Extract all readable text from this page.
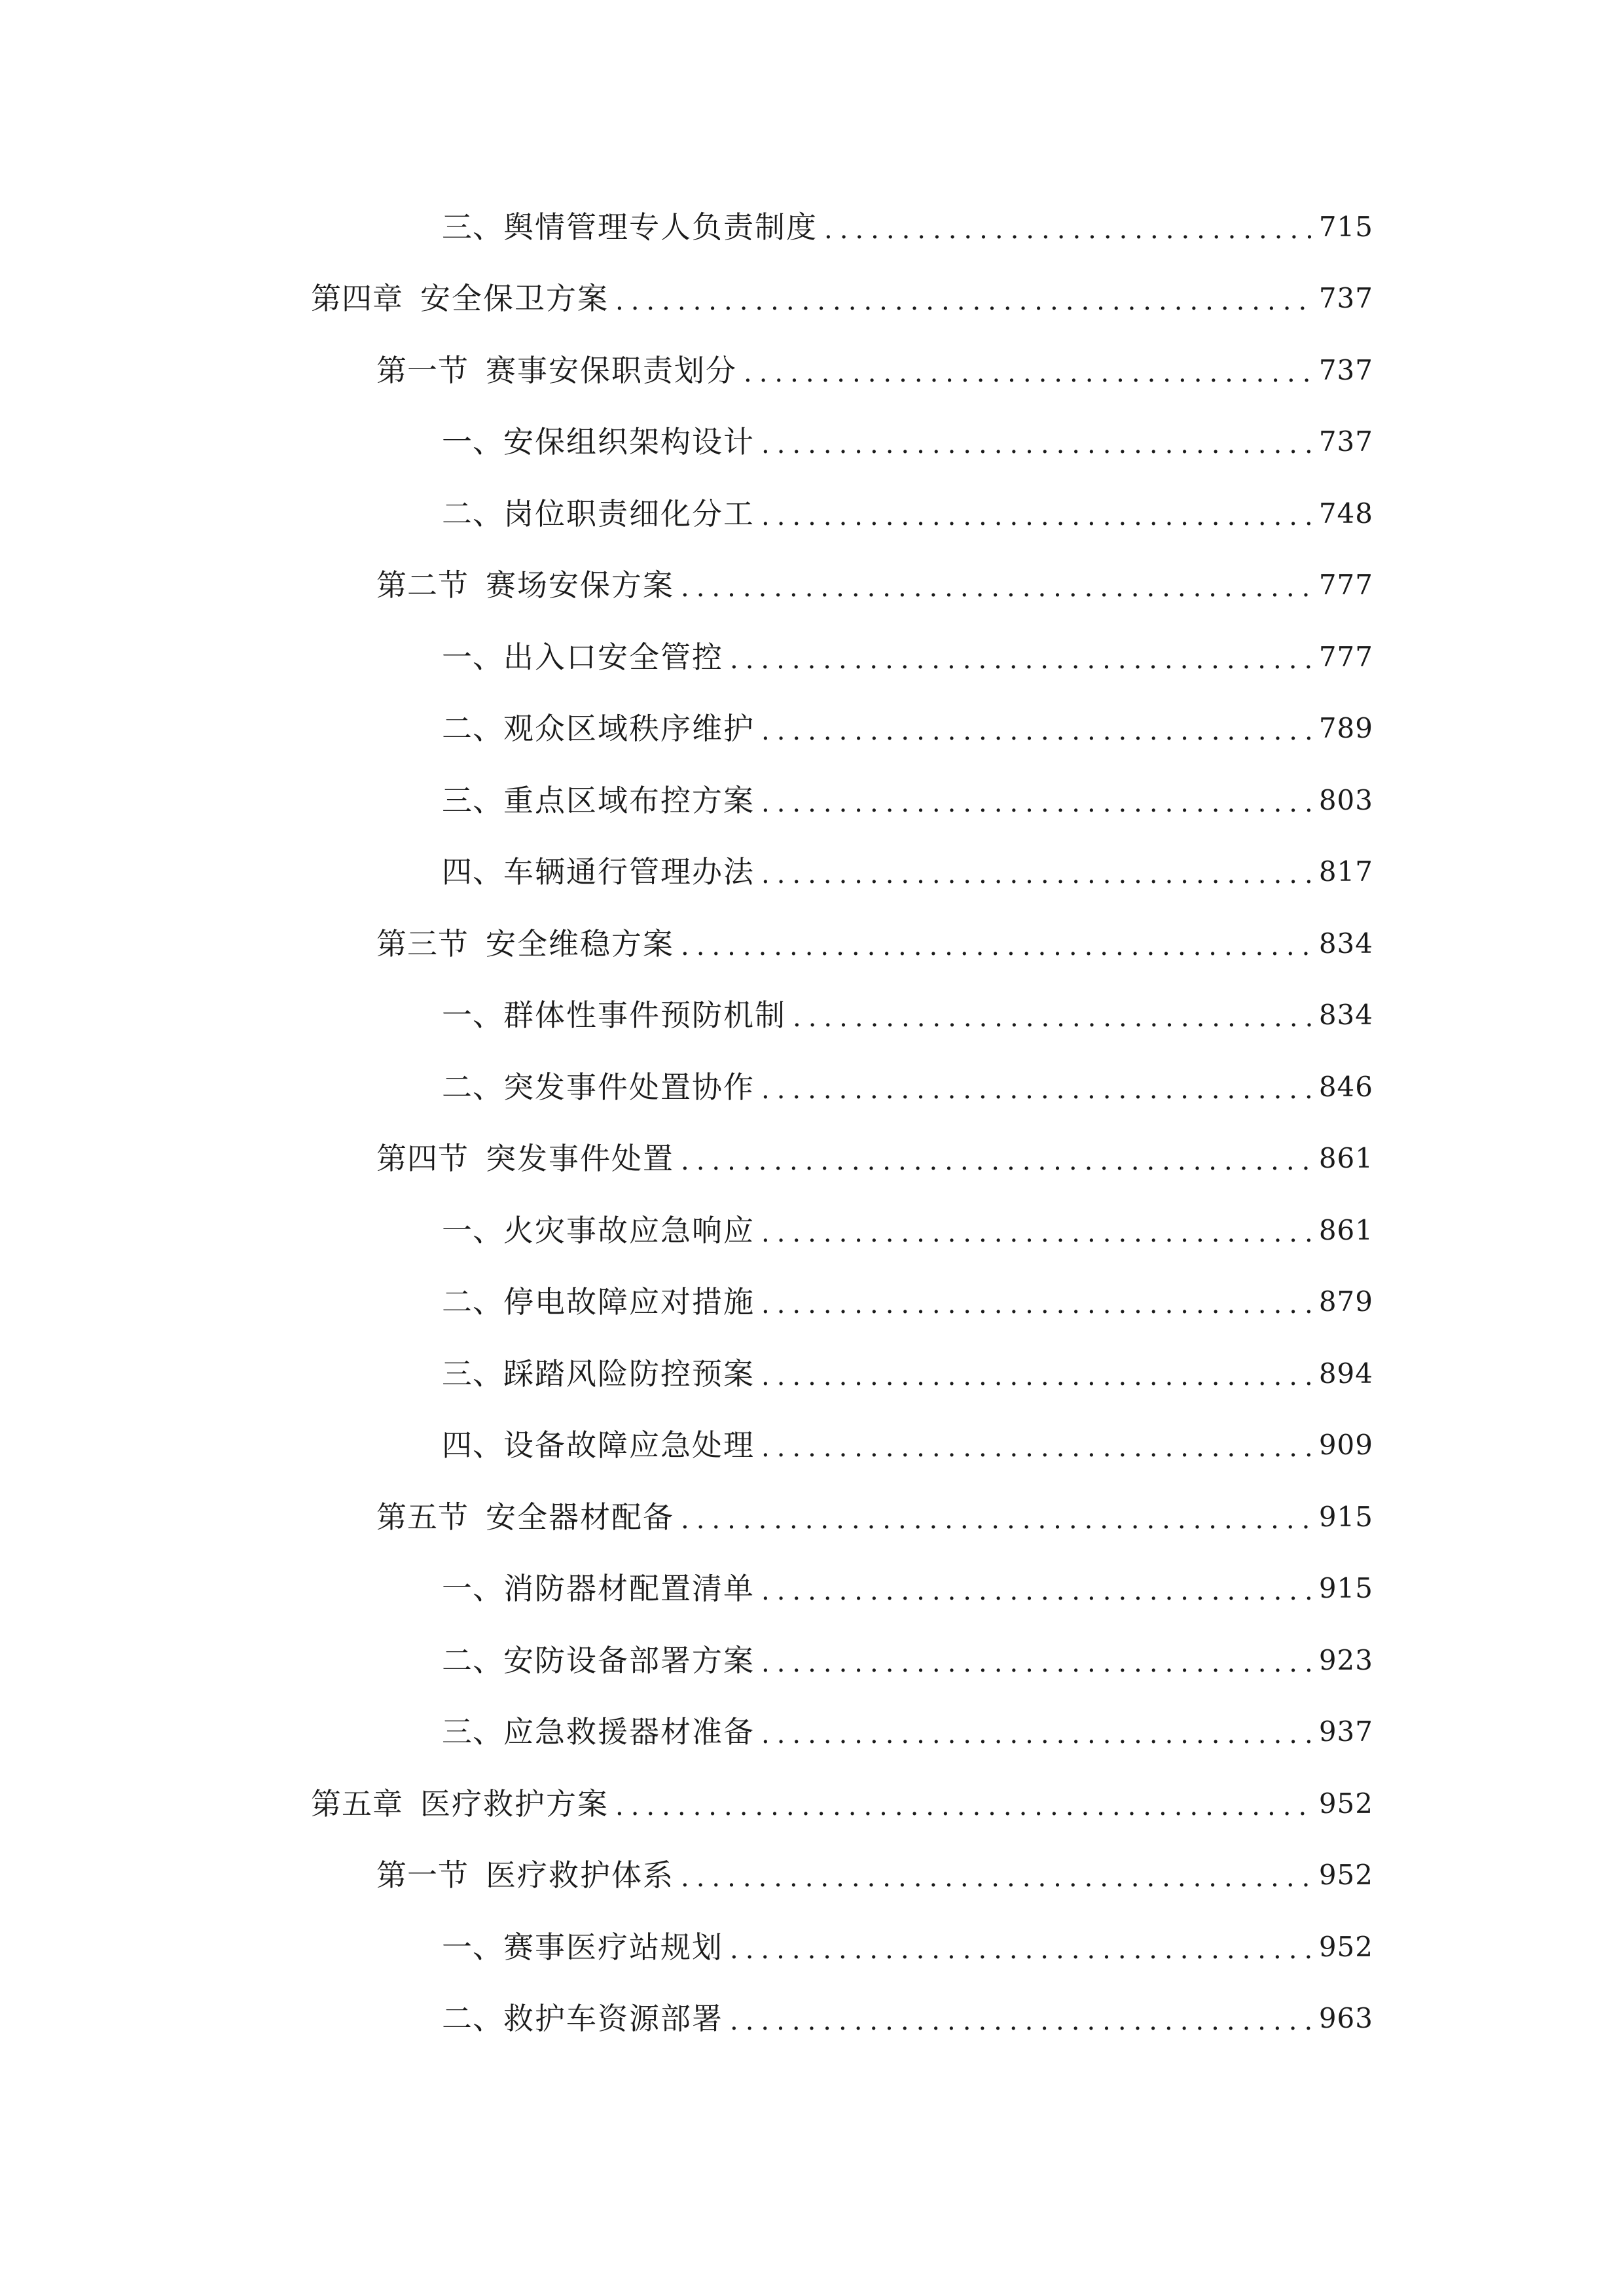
三、 舆情管理专人负责制度 .....	715
第四章 安全保卫方案 .....	737
第一节 赛事安保职责划分 .....	737
一、 安保组织架构设计 .....	737
二、 岗位职责细化分工 .....	748
第二节 赛场安保方案 .....	777
一、 出入口安全管控 .....	777
二、 观众区域秩序维护 .....	789
三、 重点区域布控方案 .....	803
四、 车辆通行管理办法 .....	817
第三节 安全维稳方案 .....	834
一、 群体性事件预防机制 .....	834
二、 突发事件处置协作 .....	846
第四节 突发事件处置 .....	861
一、 火灾事故应急响应 .....	861
二、 停电故障应对措施 .....	879
三、 踩踏风险防控预案 .....	894
四、 设备故障应急处理 .....	909
第五节 安全器材配备 .....	915
一、 消防器材配置清单 .....	915
二、 安防设备部署方案 .....	923
三、 应急救援器材准备 .....	937
第五章 医疗救护方案 .....	952
第一节 医疗救护体系 .....	952
一、 赛事医疗站规划 .....	952
二、 救护车资源部署 .....	963
